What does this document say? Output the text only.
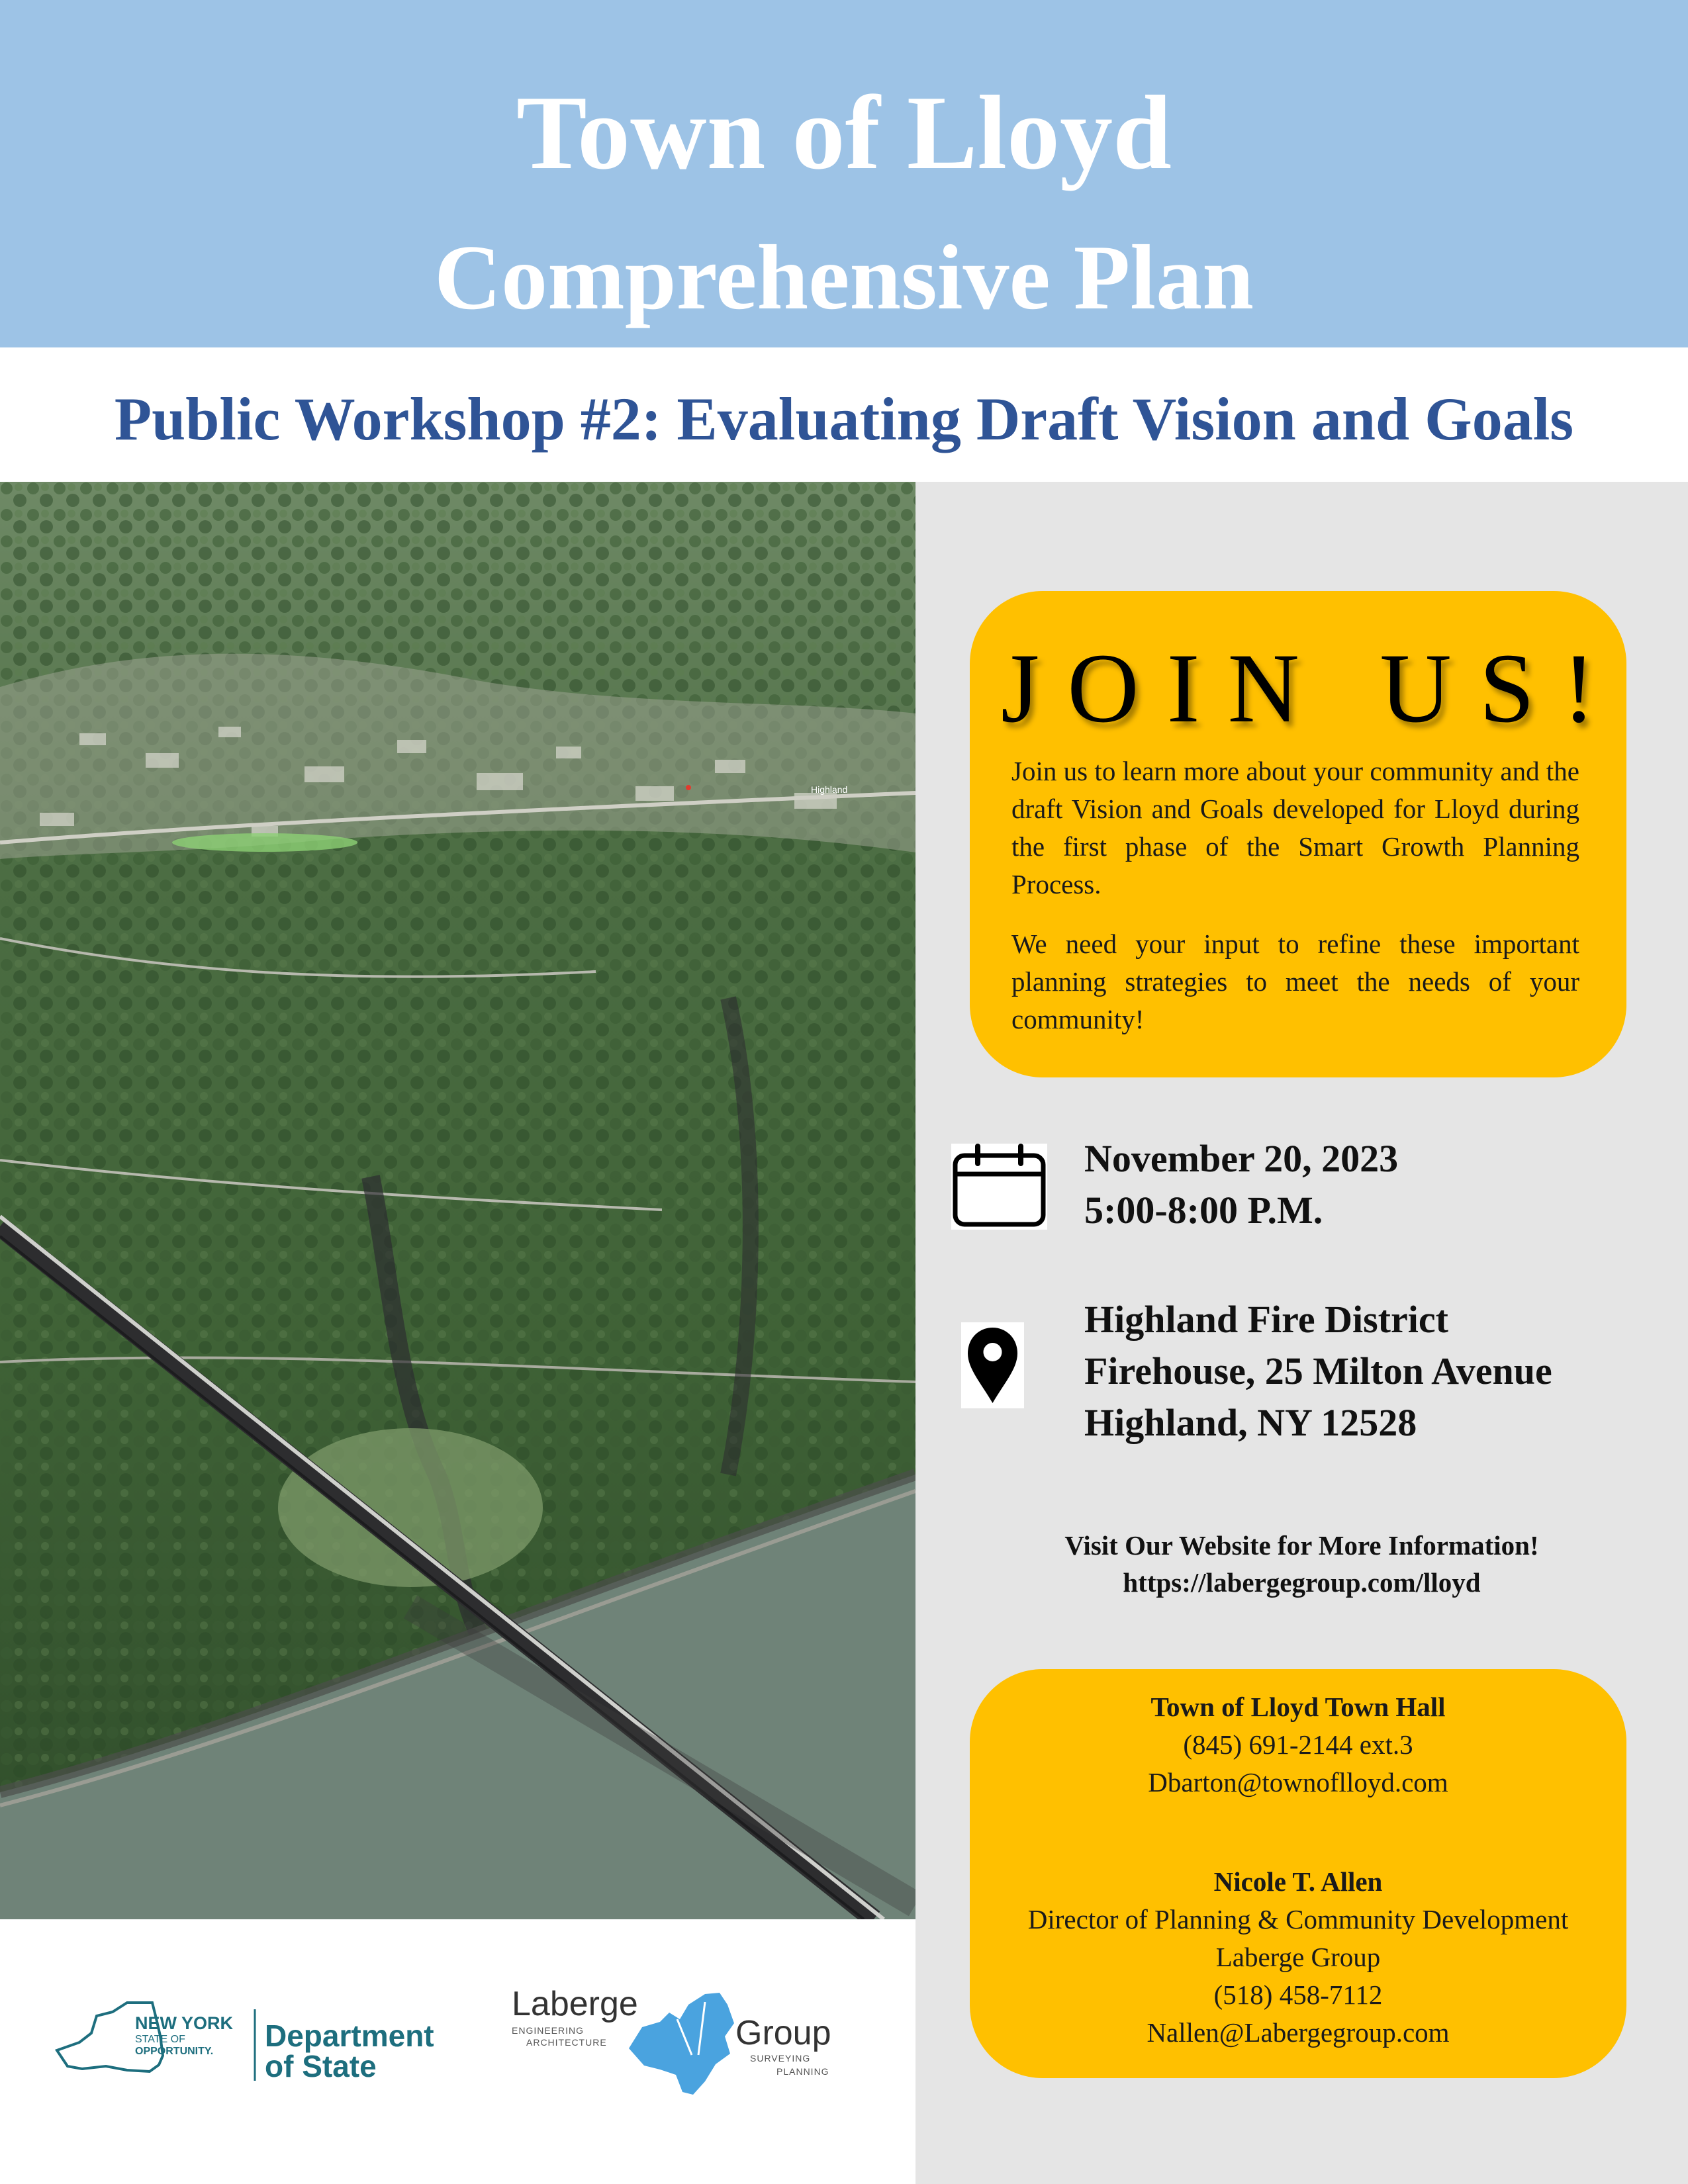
Town of Lloyd
Comprehensive Plan
Public Workshop #2: Evaluating Draft Vision and Goals
Highland
JOIN US!
Join us to learn more about your community and the draft Vision and Goals developed for Lloyd during the first phase of the Smart Growth Planning Process.
We need your input to refine these important planning strategies to meet the needs of your community!
November 20, 2023
5:00-8:00 P.M.
Highland Fire District
Firehouse, 25 Milton Avenue
Highland, NY 12528
Visit Our Website for More Information!
https://labergegroup.com/lloyd
Town of Lloyd Town Hall
(845) 691-2144 ext.3
Dbarton@townoflloyd.com
Nicole T. Allen
Director of Planning & Community Development
Laberge Group
(518) 458-7112
Nallen@Labergegroup.com
NEW YORK
STATE OF
OPPORTUNITY. Department
of State
Laberge
ENGINEERING
ARCHITECTURE	Group
SURVEYING
PLANNING
